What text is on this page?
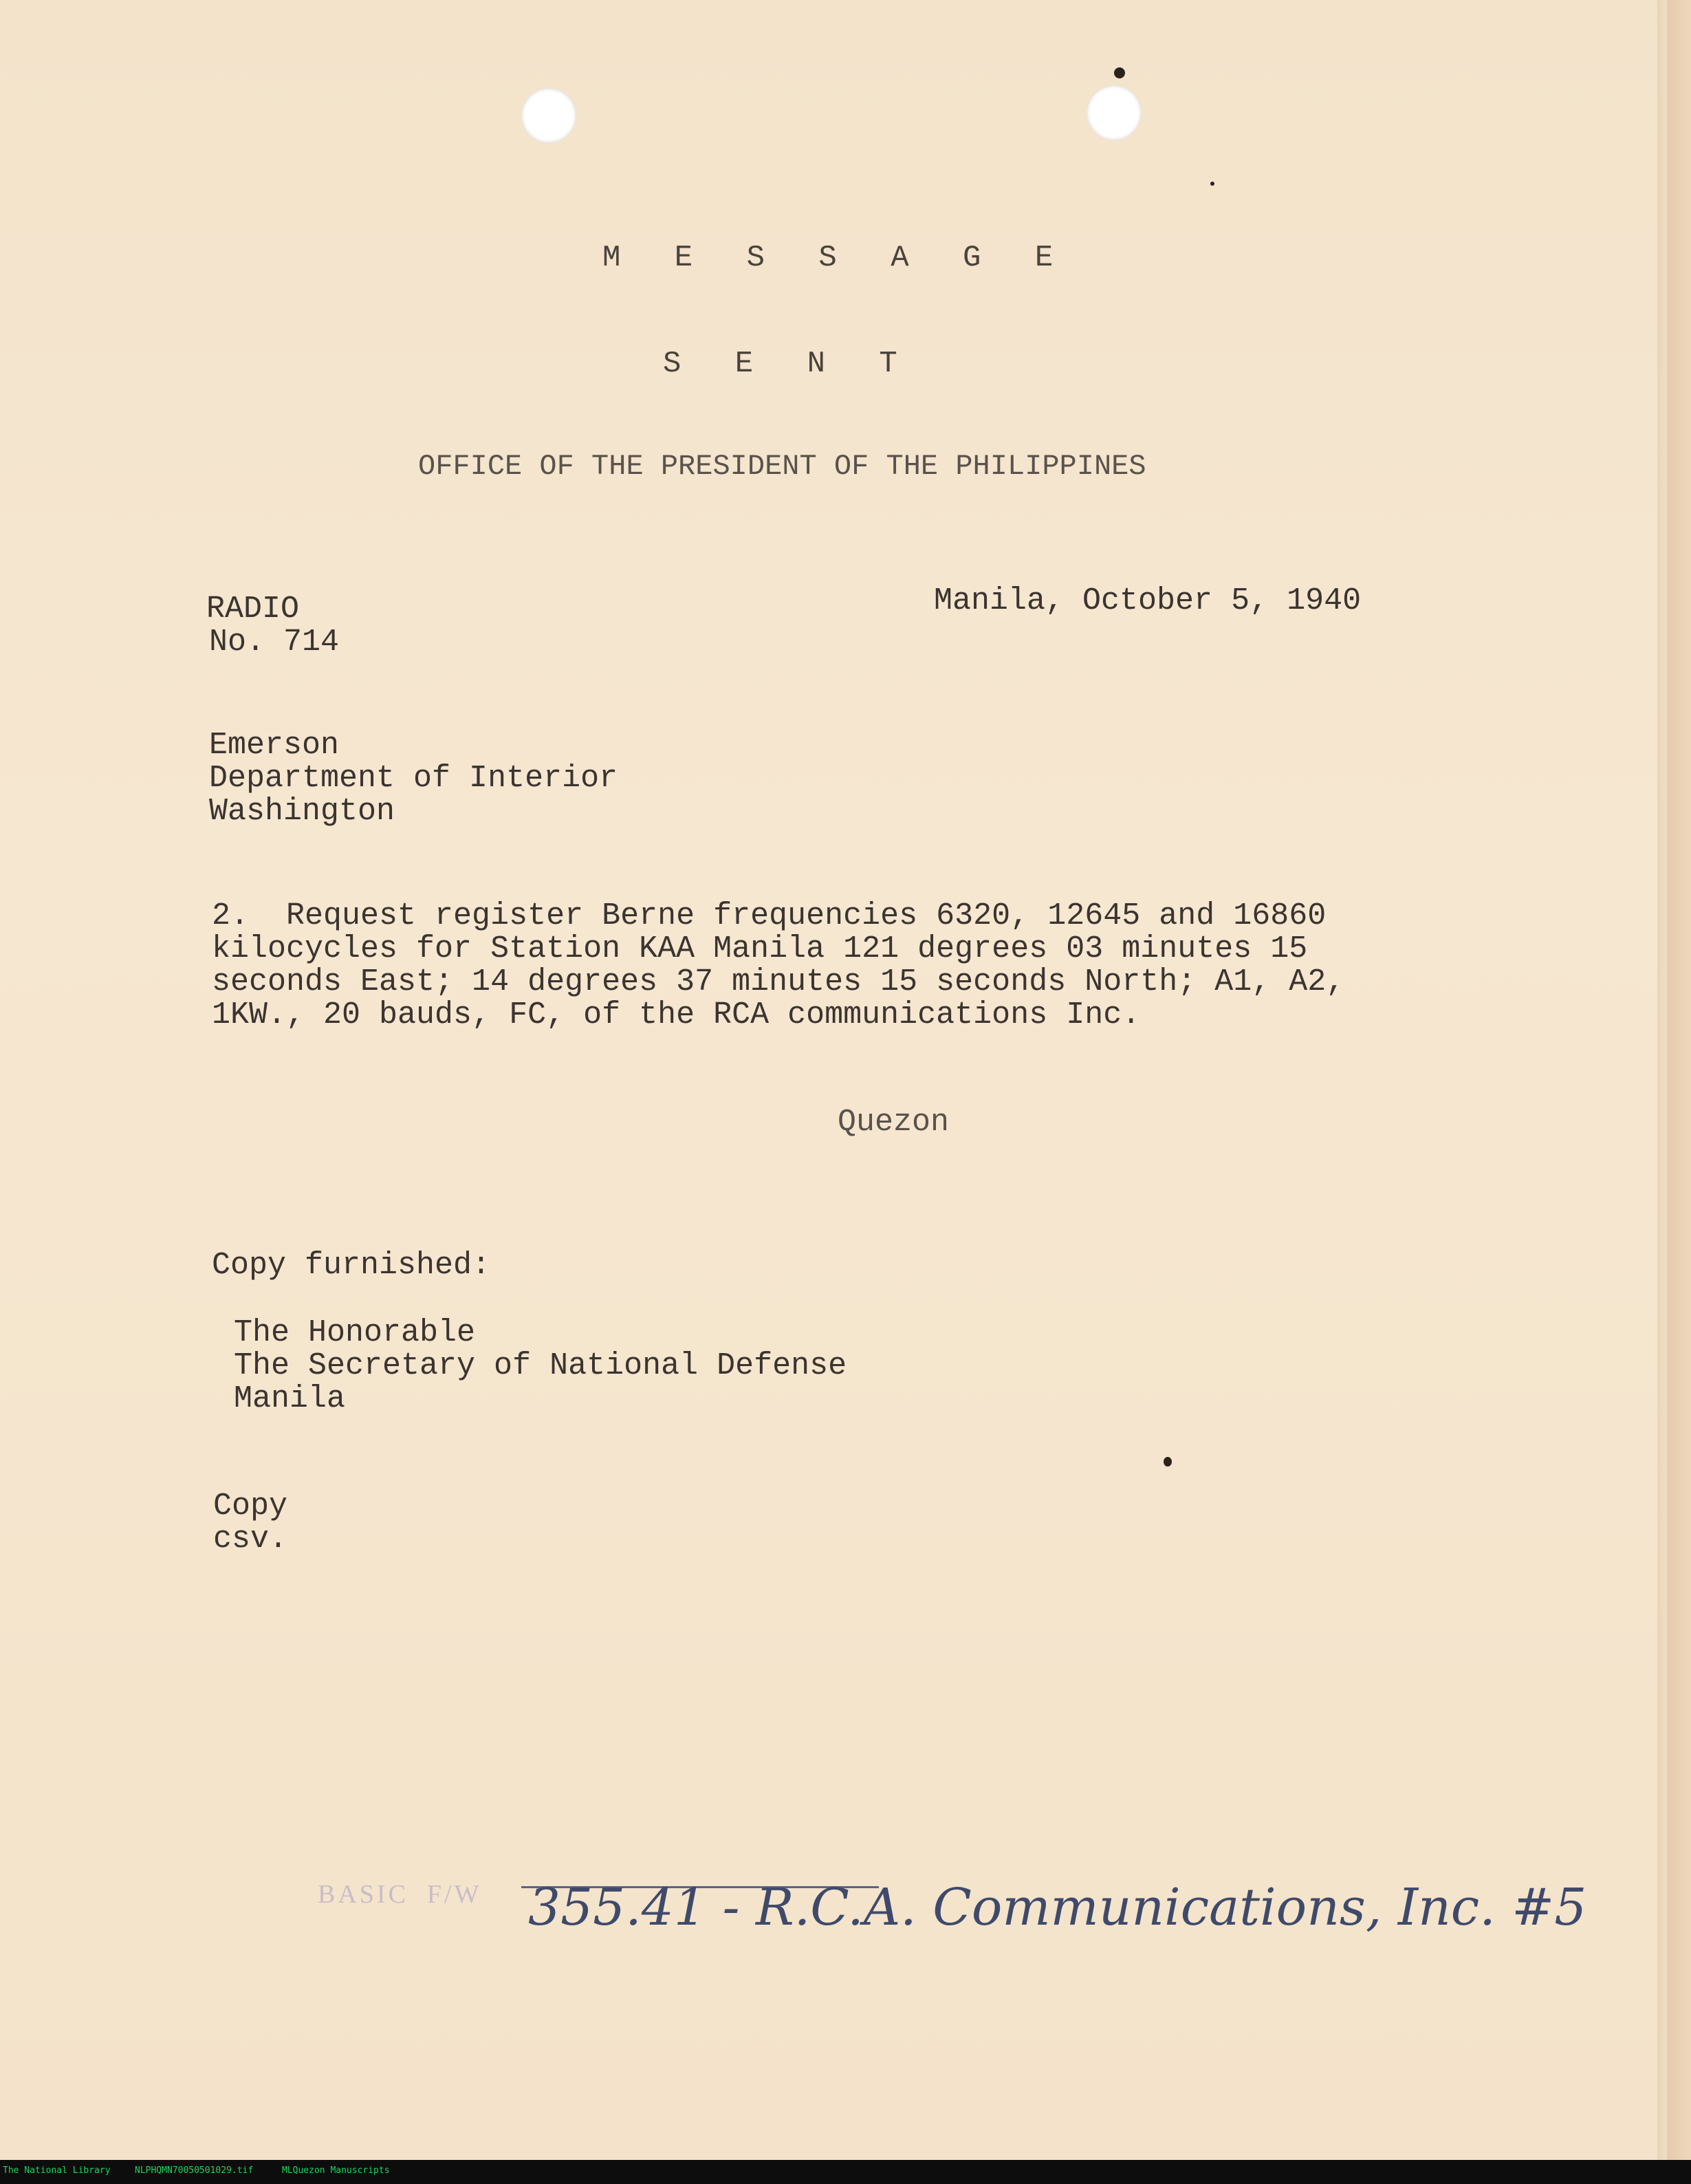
M E S S A G E

S E N T

OFFICE OF THE PRESIDENT OF THE PHILIPPINES

RADIO

No. 714

Manila, October 5, 1940

Emerson

Department of Interior

Washington

2.  Request register Berne frequencies 6320, 12645 and 16860

kilocycles for Station KAA Manila 121 degrees 03 minutes 15

seconds East; 14 degrees 37 minutes 15 seconds North; A1, A2,

1KW., 20 bauds, FC, of the RCA communications Inc.

Quezon

Copy furnished:

The Honorable

The Secretary of National Defense

Manila

Copy

csv.

BASIC  F/W 355.41 - R.C.A. Communications, Inc. #5

The National Library	NLPHQMN70050501029.tif	MLQuezon Manuscripts
